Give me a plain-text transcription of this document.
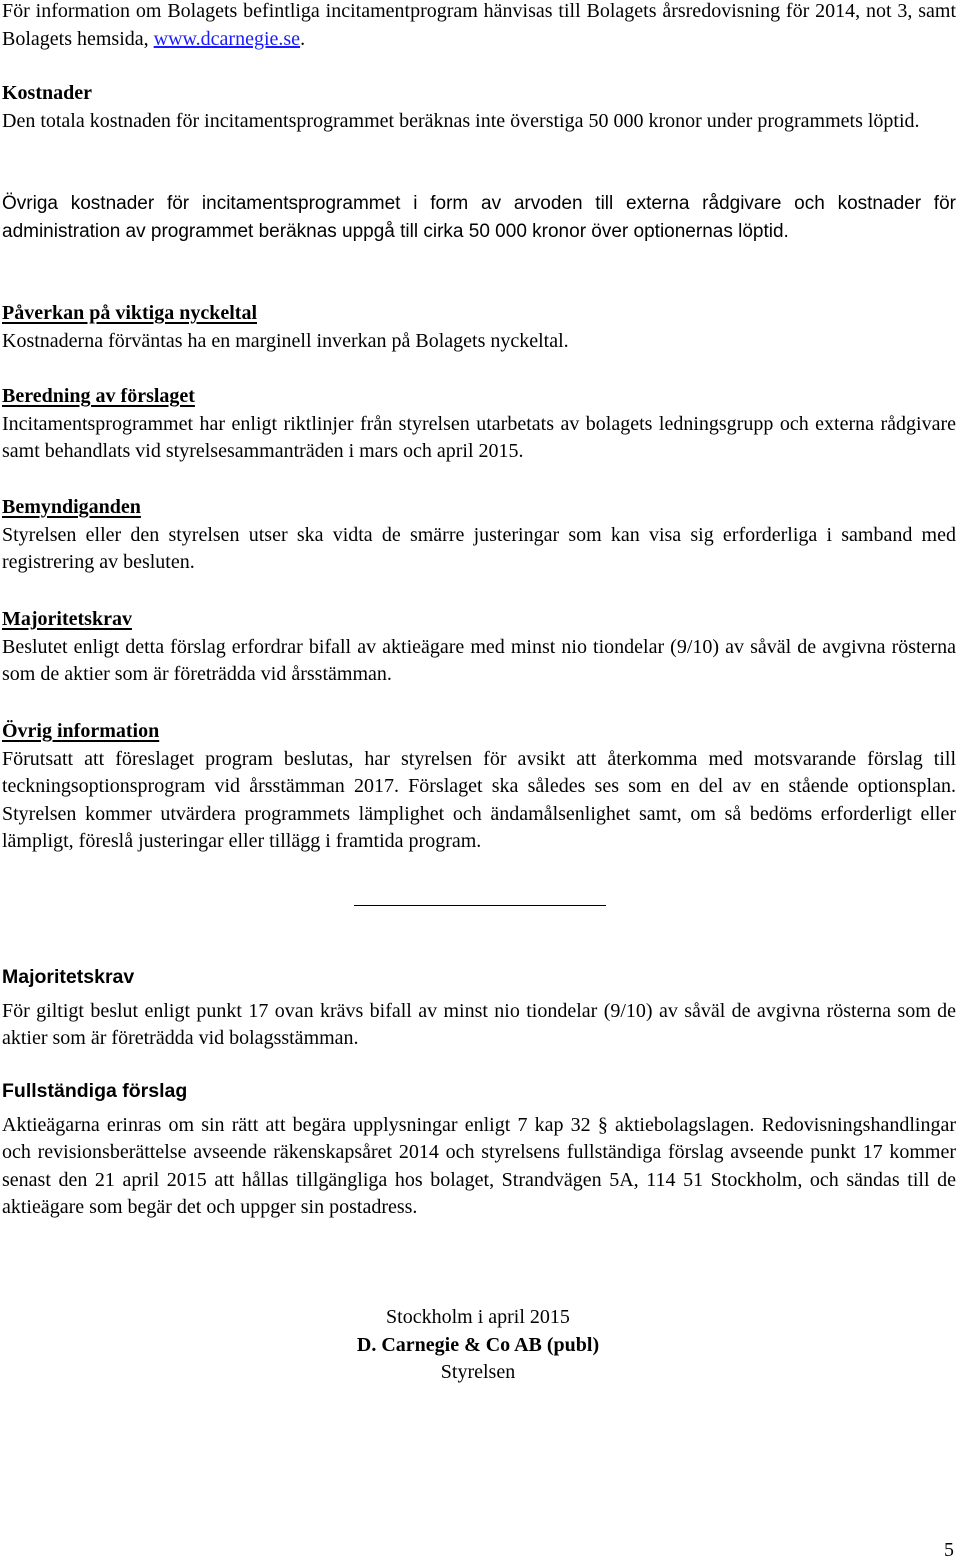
För information om Bolagets befintliga incitamentprogram hänvisas till Bolagets årsredovisning för 2014, not 3, samt Bolagets hemsida, www.dcarnegie.se.

Kostnader

Den totala kostnaden för incitamentsprogrammet beräknas inte överstiga 50 000 kronor under programmets löptid.

Övriga kostnader för incitamentsprogrammet i form av arvoden till externa rådgivare och kostnader för administration av programmet beräknas uppgå till cirka 50 000 kronor över optionernas löptid.

Påverkan på viktiga nyckeltal

Kostnaderna förväntas ha en marginell inverkan på Bolagets nyckeltal.

Beredning av förslaget

Incitamentsprogrammet har enligt riktlinjer från styrelsen utarbetats av bolagets ledningsgrupp och externa rådgivare samt behandlats vid styrelsesammanträden i mars och april 2015.

Bemyndiganden

Styrelsen eller den styrelsen utser ska vidta de smärre justeringar som kan visa sig erforderliga i samband med registrering av besluten.

Majoritetskrav

Beslutet enligt detta förslag erfordrar bifall av aktieägare med minst nio tiondelar (9/10) av såväl de avgivna rösterna som de aktier som är företrädda vid årsstämman.

Övrig information

Förutsatt att föreslaget program beslutas, har styrelsen för avsikt att återkomma med motsvarande förslag till teckningsoptionsprogram vid årsstämman 2017. Förslaget ska således ses som en del av en stående optionsplan. Styrelsen kommer utvärdera programmets lämplighet och ändamålsenlighet samt, om så bedöms erforderligt eller lämpligt, föreslå justeringar eller tillägg i framtida program.

Majoritetskrav

För giltigt beslut enligt punkt 17 ovan krävs bifall av minst nio tiondelar (9/10) av såväl de avgivna rösterna som de aktier som är företrädda vid bolagsstämman.

Fullständiga förslag

Aktieägarna erinras om sin rätt att begära upplysningar enligt 7 kap 32 § aktiebolagslagen. Redovisningshandlingar och revisionsberättelse avseende räkenskapsåret 2014 och styrelsens fullständiga förslag avseende punkt 17 kommer senast den 21 april 2015 att hållas tillgängliga hos bolaget, Strandvägen 5A, 114 51 Stockholm, och sändas till de aktieägare som begär det och uppger sin postadress.

Stockholm i april 2015
D. Carnegie & Co AB (publ)
Styrelsen
5
